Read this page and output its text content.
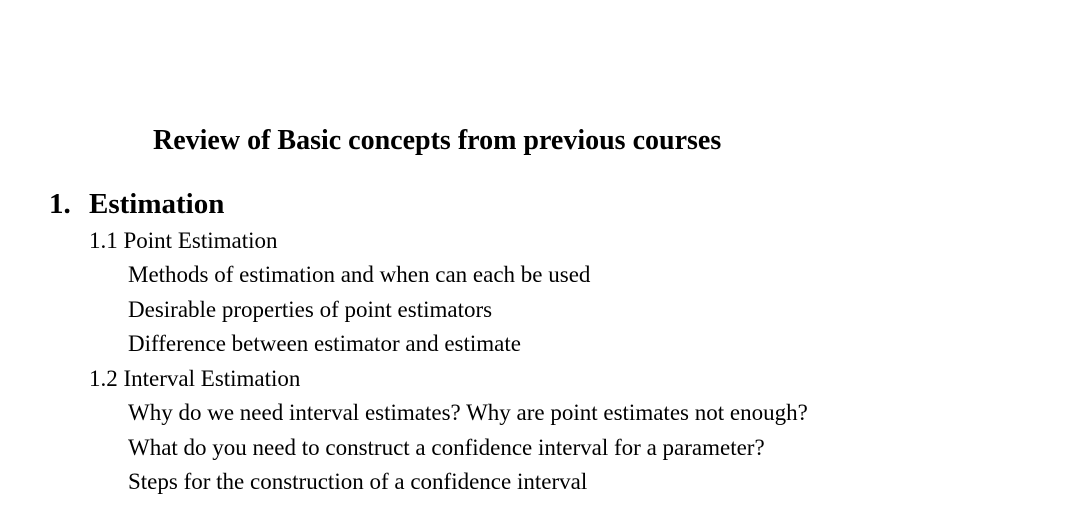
Review of Basic concepts from previous courses
1. Estimation
1.1 Point Estimation
Methods of estimation and when can each be used
Desirable properties of point estimators
Difference between estimator and estimate
1.2 Interval Estimation
Why do we need interval estimates? Why are point estimates not enough?
What do you need to construct a confidence interval for a parameter?
Steps for the construction of a confidence interval
